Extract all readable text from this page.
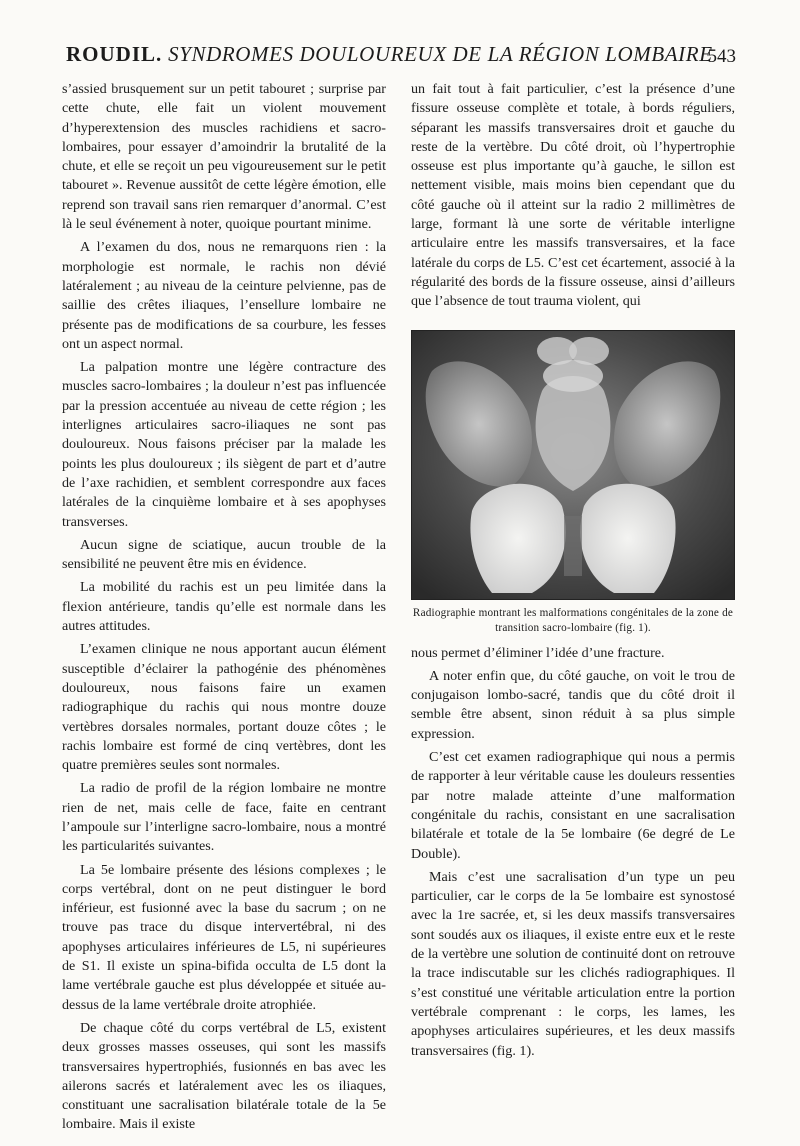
ROUDIL. SYNDROMES DOULOUREUX DE LA RÉGION LOMBAIRE
543

s’assied brusquement sur un petit tabouret ; surprise par cette chute, elle fait un violent mouvement d’hyperextension des muscles rachidiens et sacro-lombaires, pour essayer d’amoindrir la brutalité de la chute, et elle se reçoit un peu vigoureusement sur le petit tabouret ». Revenue aussitôt de cette légère émotion, elle reprend son travail sans rien remarquer d’anormal. C’est là le seul événement à noter, quoique pourtant minime.

A l’examen du dos, nous ne remarquons rien : la morphologie est normale, le rachis non dévié latéralement ; au niveau de la ceinture pelvienne, pas de saillie des crêtes iliaques, l’ensellure lombaire ne présente pas de modifications de sa courbure, les fesses ont un aspect normal.

La palpation montre une légère contracture des muscles sacro-lombaires ; la douleur n’est pas influencée par la pression accentuée au niveau de cette région ; les interlignes articulaires sacro-iliaques ne sont pas douloureux. Nous faisons préciser par la malade les points les plus douloureux ; ils siègent de part et d’autre de l’axe rachidien, et semblent correspondre aux faces latérales de la cinquième lombaire et à ses apophyses transverses.

Aucun signe de sciatique, aucun trouble de la sensibilité ne peuvent être mis en évidence.

La mobilité du rachis est un peu limitée dans la flexion antérieure, tandis qu’elle est normale dans les autres attitudes.

L’examen clinique ne nous apportant aucun élément susceptible d’éclairer la pathogénie des phénomènes douloureux, nous faisons faire un examen radiographique du rachis qui nous montre douze vertèbres dorsales normales, portant douze côtes ; le rachis lombaire est formé de cinq vertèbres, dont les quatre premières seules sont normales.

La radio de profil de la région lombaire ne montre rien de net, mais celle de face, faite en centrant l’ampoule sur l’interligne sacro-lombaire, nous a montré les particularités suivantes.

La 5e lombaire présente des lésions complexes ; le corps vertébral, dont on ne peut distinguer le bord inférieur, est fusionné avec la base du sacrum ; on ne trouve pas trace du disque intervertébral, ni des apophyses articulaires inférieures de L5, ni supérieures de S1. Il existe un spina-bifida occulta de L5 dont la lame vertébrale gauche est plus développée et située au-dessus de la lame vertébrale droite atrophiée.

De chaque côté du corps vertébral de L5, existent deux grosses masses osseuses, qui sont les massifs transversaires hypertrophiés, fusionnés en bas avec les ailerons sacrés et latéralement avec les os iliaques, constituant une sacralisation bilatérale totale de la 5e lombaire. Mais il existe

un fait tout à fait particulier, c’est la présence d’une fissure osseuse complète et totale, à bords réguliers, séparant les massifs transversaires droit et gauche du reste de la vertèbre. Du côté droit, où l’hypertrophie osseuse est plus importante qu’à gauche, le sillon est nettement visible, mais moins bien cependant que du côté gauche où il atteint sur la radio 2 millimètres de large, formant là une sorte de véritable interligne articulaire entre les massifs transversaires, et la face latérale du corps de L5. C’est cet écartement, associé à la régularité des bords de la fissure osseuse, ainsi d’ailleurs que l’absence de tout trauma violent, qui

Radiographie montrant les malformations congénitales de la zone de transition sacro-lombaire (fig. 1).

nous permet d’éliminer l’idée d’une fracture.

A noter enfin que, du côté gauche, on voit le trou de conjugaison lombo-sacré, tandis que du côté droit il semble être absent, sinon réduit à sa plus simple expression.

C’est cet examen radiographique qui nous a permis de rapporter à leur véritable cause les douleurs ressenties par notre malade atteinte d’une malformation congénitale du rachis, consistant en une sacralisation bilatérale et totale de la 5e lombaire (6e degré de Le Double).

Mais c’est une sacralisation d’un type un peu particulier, car le corps de la 5e lombaire est synostosé avec la 1re sacrée, et, si les deux massifs transversaires sont soudés aux os iliaques, il existe entre eux et le reste de la vertèbre une solution de continuité dont on retrouve la trace indiscutable sur les clichés radiographiques. Il s’est constitué une véritable articulation entre la portion vertébrale comprenant : le corps, les lames, les apophyses articulaires supérieures, et les deux massifs transversaires (fig. 1).
